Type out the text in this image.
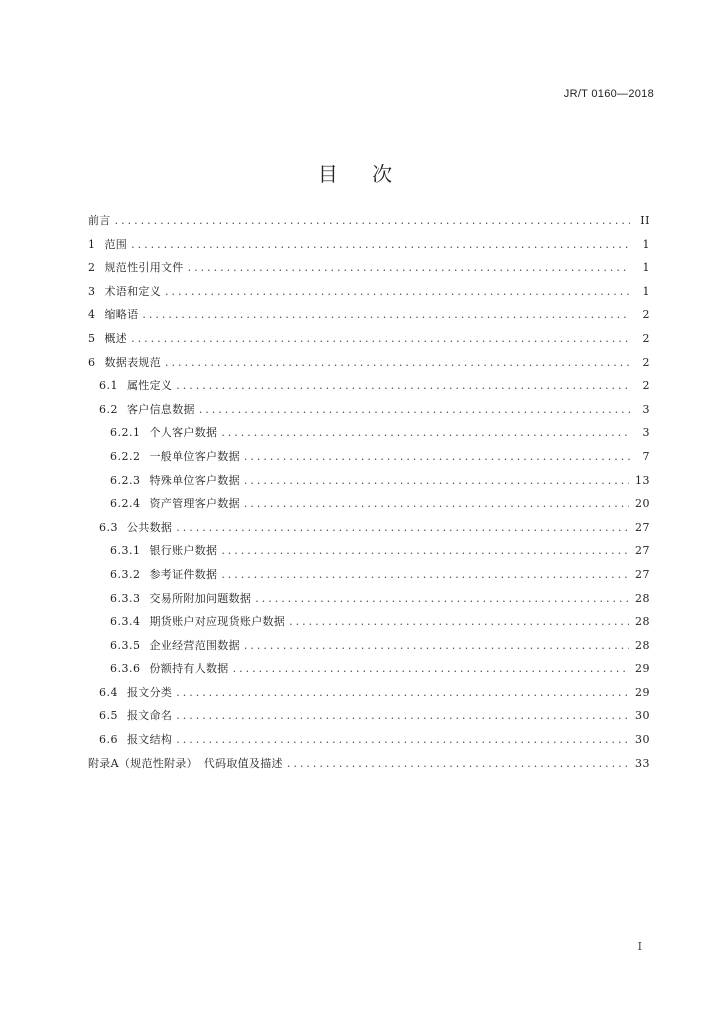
JR/T 0160—2018
目 次
前言 .....	II
1 范围 .....	1
2 规范性引用文件 .....	1
3 术语和定义 .....	1
4 缩略语 .....	2
5 概述 .....	2
6 数据表规范 .....	2
6.1 属性定义 .....	2
6.2 客户信息数据 .....	3
6.2.1 个人客户数据 .....	3
6.2.2 一般单位客户数据 .....	7
6.2.3 特殊单位客户数据 .....	13
6.2.4 资产管理客户数据 .....	20
6.3 公共数据 .....	27
6.3.1 银行账户数据 .....	27
6.3.2 参考证件数据 .....	27
6.3.3 交易所附加问题数据 .....	28
6.3.4 期货账户对应现货账户数据 .....	28
6.3.5 企业经营范围数据 .....	28
6.3.6 份额持有人数据 .....	29
6.4 报文分类 .....	29
6.5 报文命名 .....	30
6.6 报文结构 .....	30
附录A（规范性附录）　代码取值及描述 .....	33
I
